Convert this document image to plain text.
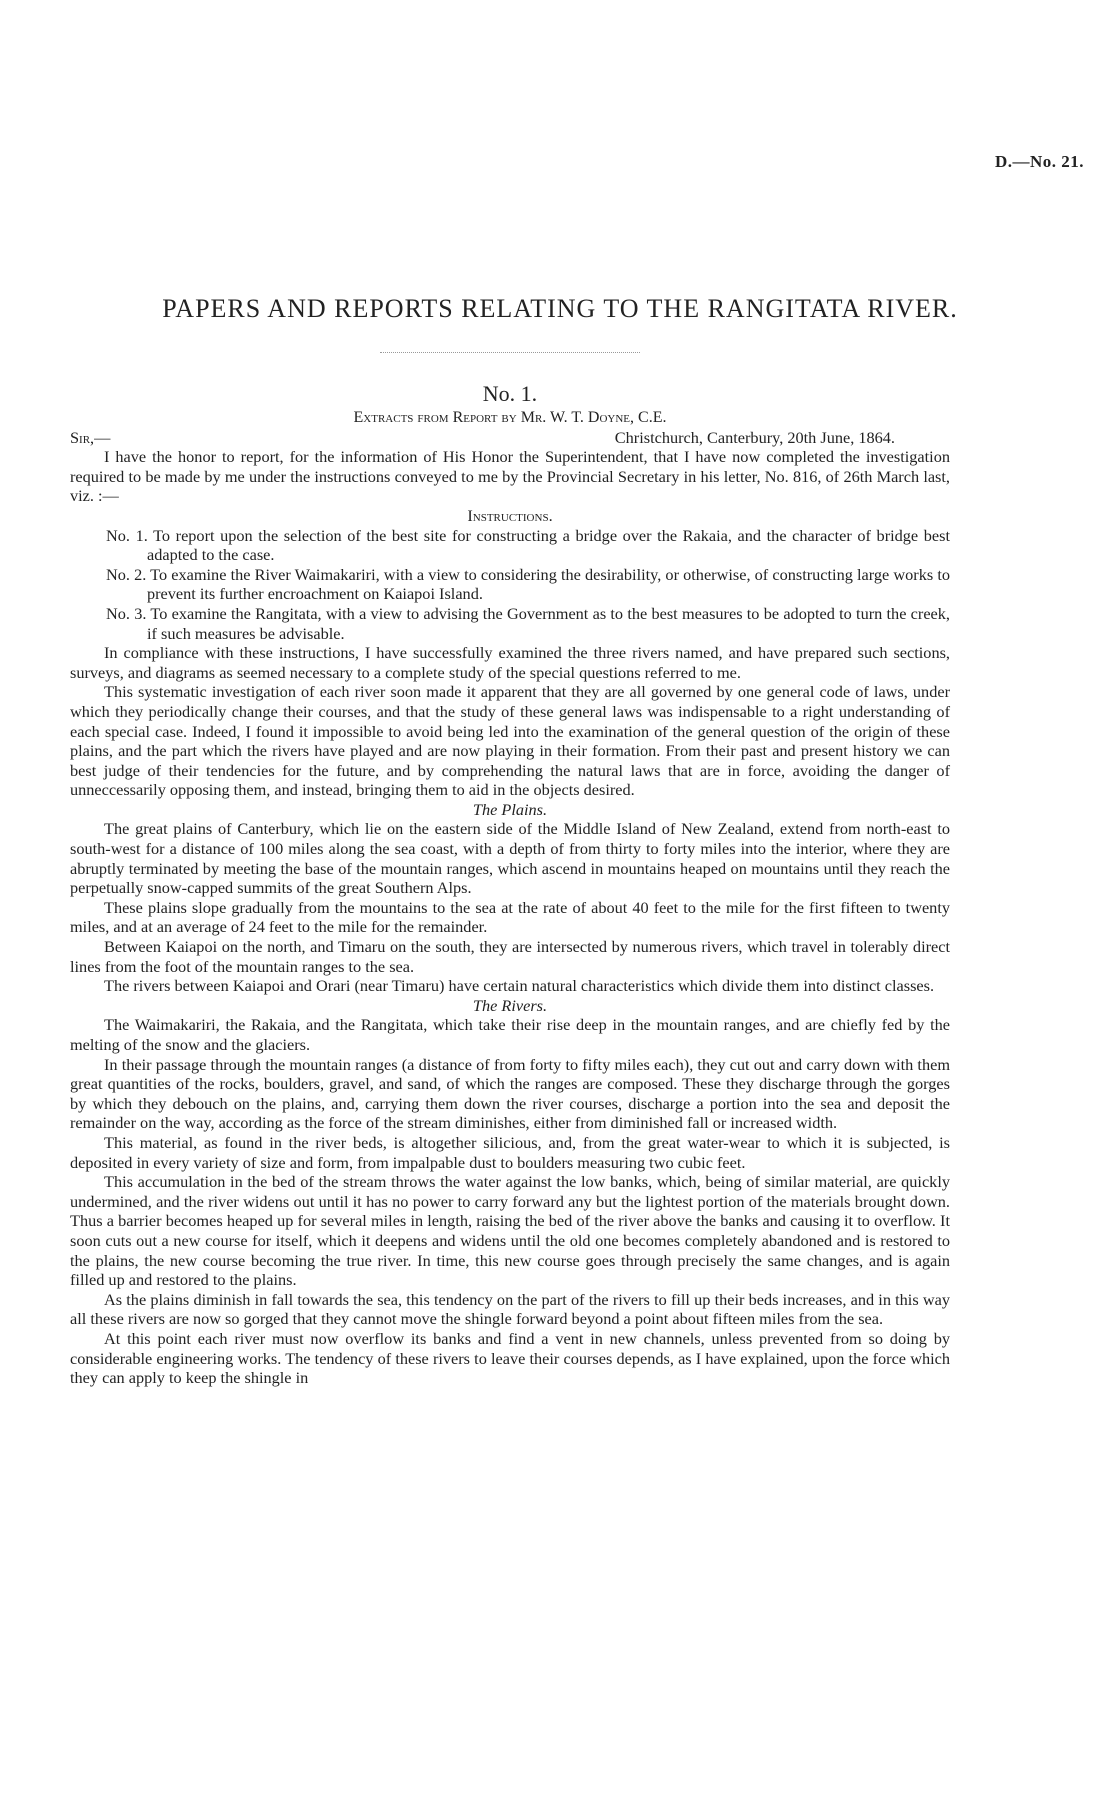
D.—No. 21.
PAPERS AND REPORTS RELATING TO THE RANGITATA RIVER.

No. 1.

Extracts from Report by Mr. W. T. Doyne, C.E.

Sir,—	Christchurch, Canterbury, 20th June, 1864.

I have the honor to report, for the information of His Honor the Superintendent, that I have now completed the investigation required to be made by me under the instructions conveyed to me by the Provincial Secretary in his letter, No. 816, of 26th March last, viz. :—

Instructions.

No. 1. To report upon the selection of the best site for constructing a bridge over the Rakaia, and the character of bridge best adapted to the case.

No. 2. To examine the River Waimakariri, with a view to considering the desirability, or otherwise, of constructing large works to prevent its further encroachment on Kaiapoi Island.

No. 3. To examine the Rangitata, with a view to advising the Government as to the best measures to be adopted to turn the creek, if such measures be advisable.

In compliance with these instructions, I have successfully examined the three rivers named, and have prepared such sections, surveys, and diagrams as seemed necessary to a complete study of the special questions referred to me.

This systematic investigation of each river soon made it apparent that they are all governed by one general code of laws, under which they periodically change their courses, and that the study of these general laws was indispensable to a right understanding of each special case. Indeed, I found it impossible to avoid being led into the examination of the general question of the origin of these plains, and the part which the rivers have played and are now playing in their formation. From their past and present history we can best judge of their tendencies for the future, and by comprehending the natural laws that are in force, avoiding the danger of unneccessarily opposing them, and instead, bringing them to aid in the objects desired.

The Plains.

The great plains of Canterbury, which lie on the eastern side of the Middle Island of New Zealand, extend from north-east to south-west for a distance of 100 miles along the sea coast, with a depth of from thirty to forty miles into the interior, where they are abruptly terminated by meeting the base of the mountain ranges, which ascend in mountains heaped on mountains until they reach the perpetually snow-capped summits of the great Southern Alps.

These plains slope gradually from the mountains to the sea at the rate of about 40 feet to the mile for the first fifteen to twenty miles, and at an average of 24 feet to the mile for the remainder.

Between Kaiapoi on the north, and Timaru on the south, they are intersected by numerous rivers, which travel in tolerably direct lines from the foot of the mountain ranges to the sea.

The rivers between Kaiapoi and Orari (near Timaru) have certain natural characteristics which divide them into distinct classes.

The Rivers.

The Waimakariri, the Rakaia, and the Rangitata, which take their rise deep in the mountain ranges, and are chiefly fed by the melting of the snow and the glaciers.

In their passage through the mountain ranges (a distance of from forty to fifty miles each), they cut out and carry down with them great quantities of the rocks, boulders, gravel, and sand, of which the ranges are composed. These they discharge through the gorges by which they debouch on the plains, and, carrying them down the river courses, discharge a portion into the sea and deposit the remainder on the way, according as the force of the stream diminishes, either from diminished fall or increased width.

This material, as found in the river beds, is altogether silicious, and, from the great water-wear to which it is subjected, is deposited in every variety of size and form, from impalpable dust to boulders measuring two cubic feet.

This accumulation in the bed of the stream throws the water against the low banks, which, being of similar material, are quickly undermined, and the river widens out until it has no power to carry forward any but the lightest portion of the materials brought down. Thus a barrier becomes heaped up for several miles in length, raising the bed of the river above the banks and causing it to overflow. It soon cuts out a new course for itself, which it deepens and widens until the old one becomes completely abandoned and is restored to the plains, the new course becoming the true river. In time, this new course goes through precisely the same changes, and is again filled up and restored to the plains.

As the plains diminish in fall towards the sea, this tendency on the part of the rivers to fill up their beds increases, and in this way all these rivers are now so gorged that they cannot move the shingle forward beyond a point about fifteen miles from the sea.

At this point each river must now overflow its banks and find a vent in new channels, unless prevented from so doing by considerable engineering works. The tendency of these rivers to leave their courses depends, as I have explained, upon the force which they can apply to keep the shingle in
